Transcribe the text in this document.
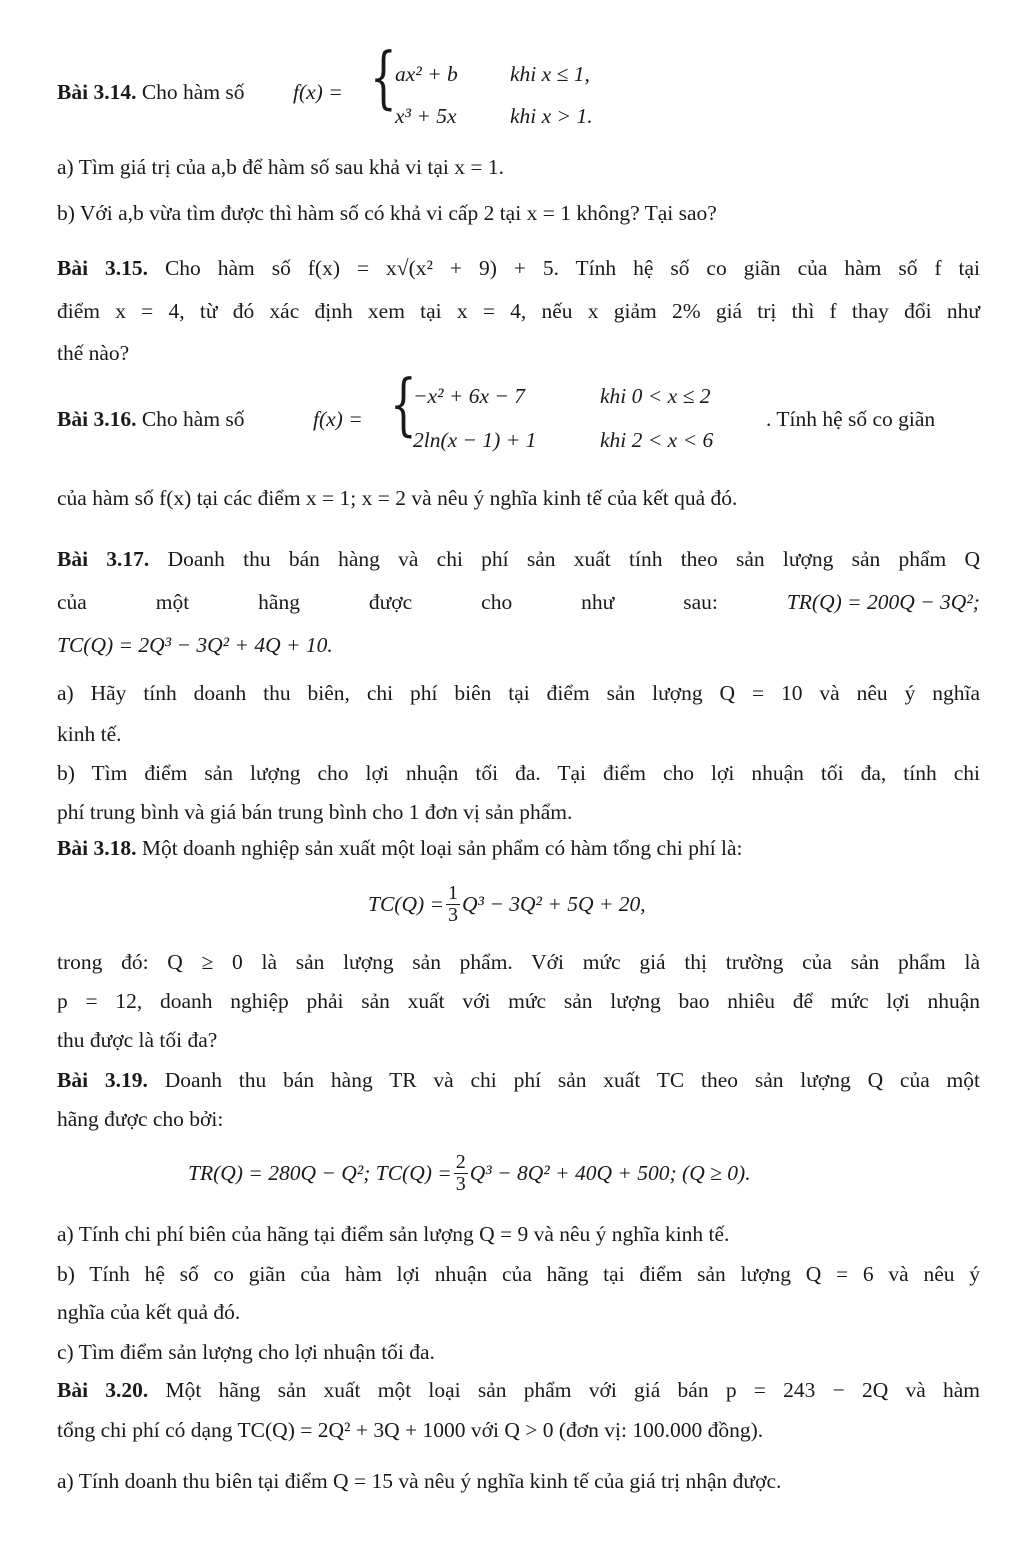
Bài 3.14. Cho hàm số f(x) = {
ax² + b khi x ≤ 1,
x³ + 5x khi x > 1.
a) Tìm giá trị của a,b để hàm số sau khả vi tại x = 1.
b) Với a,b vừa tìm được thì hàm số có khả vi cấp 2 tại x = 1 không? Tại sao?
Bài 3.15. Cho hàm số f(x) = x√(x² + 9) + 5. Tính hệ số co giãn của hàm số f tại
điểm x = 4, từ đó xác định xem tại x = 4, nếu x giảm 2% giá trị thì f thay đổi như
thế nào?
Bài 3.16. Cho hàm số	f(x) = {
−x² + 6x − 7	khi 0 < x ≤ 2
2ln(x − 1) + 1	khi 2 < x < 6
. Tính hệ số co giãn
của hàm số f(x) tại các điểm x = 1; x = 2 và nêu ý nghĩa kinh tế của kết quả đó.
Bài 3.17. Doanh thu bán hàng và chi phí sản xuất tính theo sản lượng sản phẩm Q
của	một	hãng	được	cho	như	sau:	TR(Q) = 200Q − 3Q²;
TC(Q) = 2Q³ − 3Q² + 4Q + 10.
a) Hãy tính doanh thu biên, chi phí biên tại điểm sản lượng Q = 10 và nêu ý nghĩa
kinh tế.
b) Tìm điểm sản lượng cho lợi nhuận tối đa. Tại điểm cho lợi nhuận tối đa, tính chi
phí trung bình và giá bán trung bình cho 1 đơn vị sản phẩm.
Bài 3.18. Một doanh nghiệp sản xuất một loại sản phẩm có hàm tổng chi phí là:
$TC(Q) = \frac{1}{3} Q^3 - 3Q^2 + 5Q + 20$,
trong đó: Q ≥ 0 là sản lượng sản phẩm. Với mức giá thị trường của sản phẩm là
p = 12, doanh nghiệp phải sản xuất với mức sản lượng bao nhiêu để mức lợi nhuận
thu được là tối đa?
Bài 3.19. Doanh thu bán hàng TR và chi phí sản xuất TC theo sản lượng Q của một
hãng được cho bởi:
TR(Q) = 280Q − Q²; $TC(Q) = \frac{2}{3} Q^3 - 8Q^2 + 40Q + 500$; (Q ≥ 0).
a) Tính chi phí biên của hãng tại điểm sản lượng Q = 9 và nêu ý nghĩa kinh tế.
b) Tính hệ số co giãn của hàm lợi nhuận của hãng tại điểm sản lượng Q = 6 và nêu ý
nghĩa của kết quả đó.
c) Tìm điểm sản lượng cho lợi nhuận tối đa.
Bài 3.20. Một hãng sản xuất một loại sản phẩm với giá bán p = 243 − 2Q và hàm
tổng chi phí có dạng TC(Q) = 2Q² + 3Q + 1000 với Q > 0 (đơn vị: 100.000 đồng).
a) Tính doanh thu biên tại điểm Q = 15 và nêu ý nghĩa kinh tế của giá trị nhận được.
